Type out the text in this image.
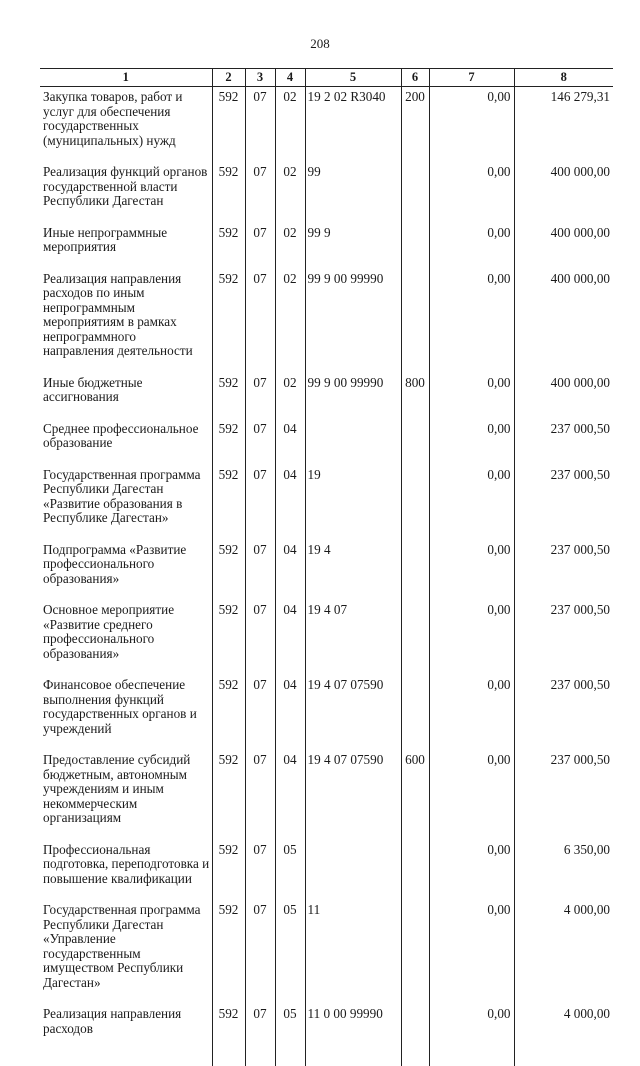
208
1	2	3	4	5	6	7	8
Закупка товаров, работ и услуг для обеспечения государственных (муниципальных) нужд	592	07	02	19 2 02 R3040	200	0,00	146 279,31
Реализация функций органов государственной власти Республики Дагестан	592	07	02	99		0,00	400 000,00
Иные непрограммные мероприятия	592	07	02	99 9		0,00	400 000,00
Реализация направления расходов по иным непрограммным мероприятиям в рамках непрограммного направления деятельности	592	07	02	99 9 00 99990		0,00	400 000,00
Иные бюджетные ассигнования	592	07	02	99 9 00 99990	800	0,00	400 000,00
Среднее профессиональное образование	592	07	04			0,00	237 000,50
Государственная программа Республики Дагестан «Развитие образования в Республике Дагестан»	592	07	04	19		0,00	237 000,50
Подпрограмма «Развитие профессионального образования»	592	07	04	19 4		0,00	237 000,50
Основное мероприятие «Развитие среднего профессионального образования»	592	07	04	19 4 07		0,00	237 000,50
Финансовое обеспечение выполнения функций государственных органов и учреждений	592	07	04	19 4 07 07590		0,00	237 000,50
Предоставление субсидий бюджетным, автономным учреждениям и иным некоммерческим организациям	592	07	04	19 4 07 07590	600	0,00	237 000,50
Профессиональная подготовка, переподготовка и повышение квалификации	592	07	05			0,00	6 350,00
Государственная программа Республики Дагестан «Управление государственным имуществом Республики Дагестан»	592	07	05	11		0,00	4 000,00
Реализация направления расходов	592	07	05	11 0 00 99990		0,00	4 000,00
